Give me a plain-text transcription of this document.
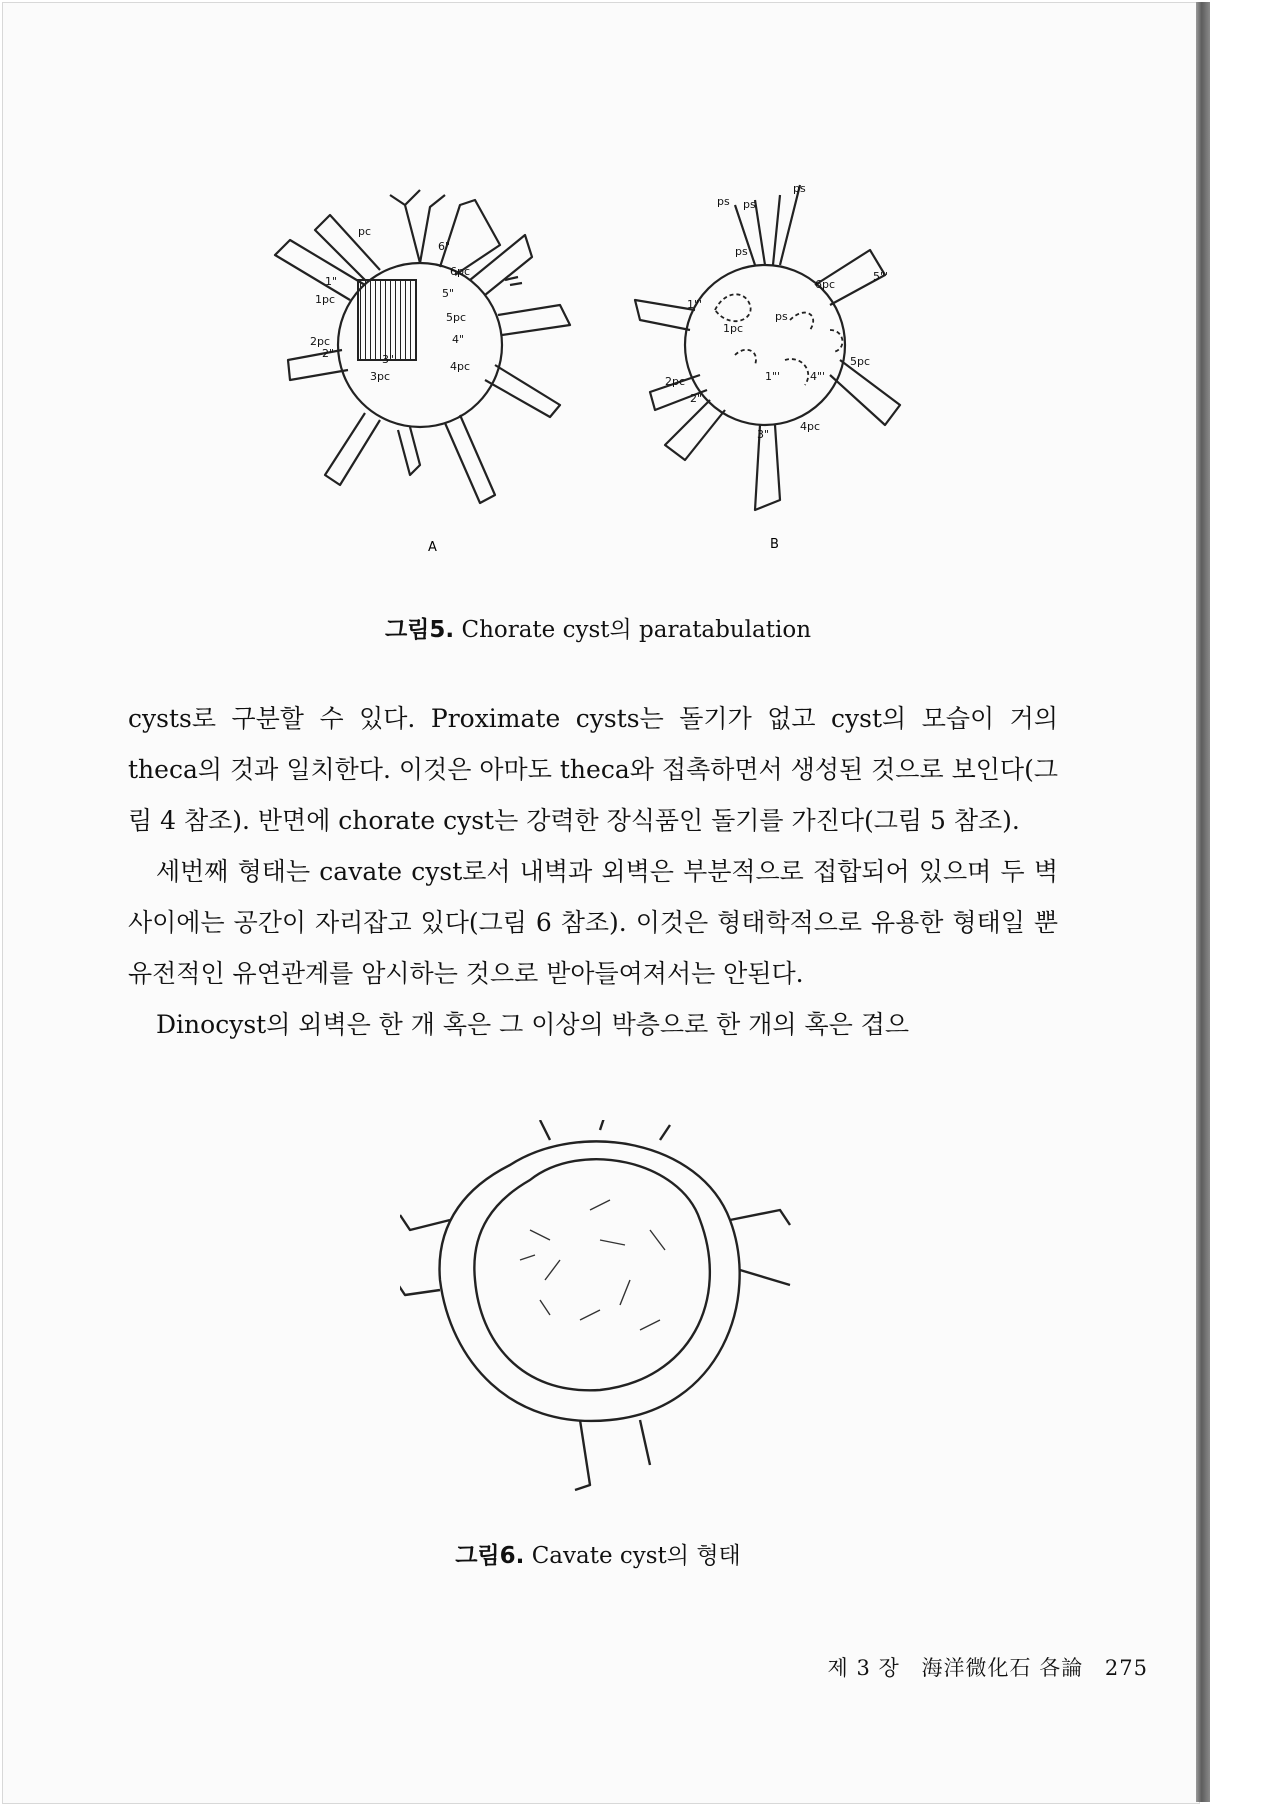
pc
6"
6pc
1"
1pc	5"
5pc
2pc
2"
4"
3"
3pc
4pc
A
ps ps
ps
ps
6pc
5"'
1"'
1pc
ps
5pc
2pc	1"'	4"'
2"
3"
4pc
B
그림5. Chorate cyst의 paratabulation

cysts로 구분할 수 있다. Proximate cysts는 돌기가 없고 cyst의 모습이 거의 theca의 것과 일치한다. 이것은 아마도 theca와 접촉하면서 생성된 것으로 보인다(그림 4 참조). 반면에 chorate cyst는 강력한 장식품인 돌기를 가진다(그림 5 참조).

세번째 형태는 cavate cyst로서 내벽과 외벽은 부분적으로 접합되어 있으며 두 벽 사이에는 공간이 자리잡고 있다(그림 6 참조). 이것은 형태학적으로 유용한 형태일 뿐 유전적인 유연관계를 암시하는 것으로 받아들여져서는 안된다.

Dinocyst의 외벽은 한 개 혹은 그 이상의 박층으로 한 개의 혹은 겹으

그림6. Cavate cyst의 형태
제 3 장 海洋微化石 各論 275
